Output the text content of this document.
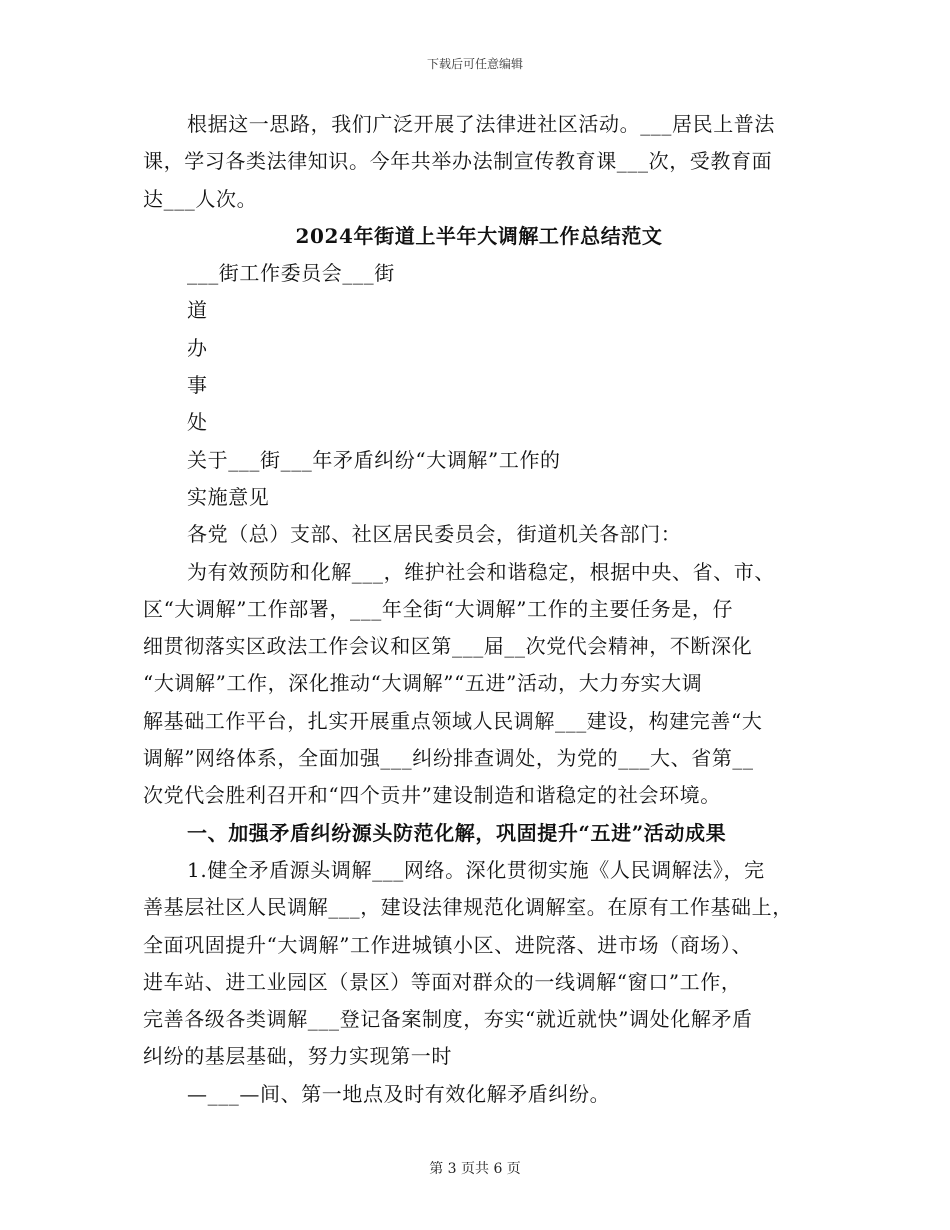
下载后可任意编辑
根据这一思路，我们广泛开展了法律进社区活动。___居民上普法
课，学习各类法律知识。今年共举办法制宣传教育课___次，受教育面
达___人次。
2024年街道上半年大调解工作总结范文
___街工作委员会___街
道
办
事
处
关于___街___年矛盾纠纷“大调解”工作的
实施意见
各党（总）支部、社区居民委员会，街道机关各部门：
为有效预防和化解___，维护社会和谐稳定，根据中央、省、市、
区“大调解”工作部署，___年全街“大调解”工作的主要任务是，仔
细贯彻落实区政法工作会议和区第___届__次党代会精神，不断深化
“大调解”工作，深化推动“大调解”“五进”活动，大力夯实大调
解基础工作平台，扎实开展重点领域人民调解___建设，构建完善“大
调解”网络体系，全面加强___纠纷排查调处，为党的___大、省第__
次党代会胜利召开和“四个贡井”建设制造和谐稳定的社会环境。
一、加强矛盾纠纷源头防范化解，巩固提升“五进”活动成果
1.健全矛盾源头调解___网络。深化贯彻实施《人民调解法》，完
善基层社区人民调解___，建设法律规范化调解室。在原有工作基础上，
全面巩固提升“大调解”工作进城镇小区、进院落、进市场（商场）、
进车站、进工业园区（景区）等面对群众的一线调解“窗口”工作，
完善各级各类调解___登记备案制度，夯实“就近就快”调处化解矛盾
纠纷的基层基础，努力实现第一时
—___—间、第一地点及时有效化解矛盾纠纷。
第 3 页共 6 页
